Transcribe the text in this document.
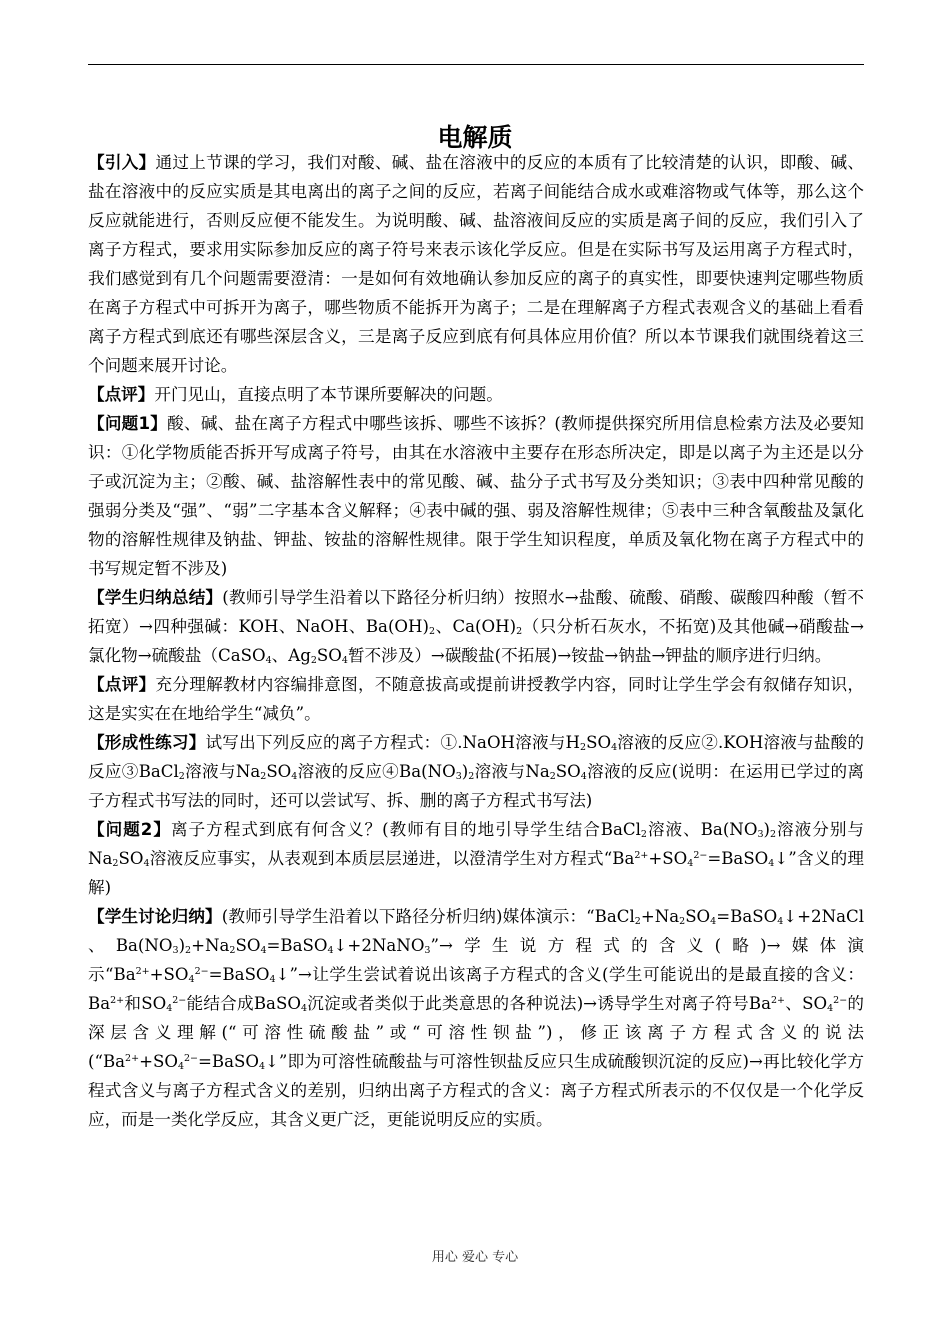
电解质

【引入】通过上节课的学习，我们对酸、碱、盐在溶液中的反应的本质有了比较清楚的认识，即酸、碱、盐在溶液中的反应实质是其电离出的离子之间的反应，若离子间能结合成水或难溶物或气体等，那么这个反应就能进行，否则反应便不能发生。为说明酸、碱、盐溶液间反应的实质是离子间的反应，我们引入了离子方程式，要求用实际参加反应的离子符号来表示该化学反应。但是在实际书写及运用离子方程式时，我们感觉到有几个问题需要澄清：一是如何有效地确认参加反应的离子的真实性，即要快速判定哪些物质在离子方程式中可拆开为离子，哪些物质不能拆开为离子；二是在理解离子方程式表观含义的基础上看看离子方程式到底还有哪些深层含义，三是离子反应到底有何具体应用价值？所以本节课我们就围绕着这三个问题来展开讨论。

【点评】开门见山，直接点明了本节课所要解决的问题。

【问题1】酸、碱、盐在离子方程式中哪些该拆、哪些不该拆？(教师提供探究所用信息检索方法及必要知识：①化学物质能否拆开写成离子符号，由其在水溶液中主要存在形态所决定，即是以离子为主还是以分子或沉淀为主；②酸、碱、盐溶解性表中的常见酸、碱、盐分子式书写及分类知识；③表中四种常见酸的强弱分类及“强”、“弱”二字基本含义解释；④表中碱的强、弱及溶解性规律；⑤表中三种含氧酸盐及氯化物的溶解性规律及钠盐、钾盐、铵盐的溶解性规律。限于学生知识程度，单质及氧化物在离子方程式中的书写规定暂不涉及)

【学生归纳总结】(教师引导学生沿着以下路径分析归纳）按照水→盐酸、硫酸、硝酸、碳酸四种酸（暂不拓宽）→四种强碱：KOH、NaOH、$Ba(OH)_2$、$Ca(OH)_2$（只分析石灰水，不拓宽)及其他碱→硝酸盐→氯化物→硫酸盐（CaSO$_4$、$Ag_2SO_4$暂不涉及）→碳酸盐(不拓展)→铵盐→钠盐→钾盐的顺序进行归纳。

【点评】充分理解教材内容编排意图，不随意拔高或提前讲授教学内容，同时让学生学会有叙储存知识，这是实实在在地给学生“减负”。

【形成性练习】试写出下列反应的离子方程式：①.NaOH溶液与$H_2SO_4$溶液的反应②.KOH溶液与盐酸的反应③BaCl$_2$溶液与$Na_2SO_4$溶液的反应$④Ba(NO_3)_2$溶液与$Na_2SO_4$溶液的反应(说明：在运用已学过的离子方程式书写法的同时，还可以尝试写、拆、删的离子方程式书写法)

【问题2】离子方程式到底有何含义？(教师有目的地引导学生结合BaCl$_2$溶液、$Ba(NO_3)_2$溶液分别与$Na_2SO_4$溶液反应事实，从表观到本质层层递进，以澄清学生对方程式“$Ba^{2+}+SO_4^{2-}=BaSO_4↓$”含义的理解)

【学生讨论归纳】(教师引导学生沿着以下路径分析归纳)媒体演示：“$BaCl_2+Na_2SO_4=BaSO_4↓+2NaCl$ 、$Ba(NO_3)_2+Na_2SO_4=BaSO_4↓+2NaNO_3”\to$学生说方程式的含义(略)→媒体演示“$Ba^{2+}+SO_4^{2-}=BaSO_4↓”\to$让学生尝试着说出该离子方程式的含义(学生可能说出的是最直接的含义：$Ba^{2+}$和$SO_4^{2-}$能结合成BaSO$_4$沉淀或者类似于此类意思的各种说法)→诱导学生对离子符号$Ba^{2+}$、$SO_4^{2-}$的深层含义理解(“可溶性硫酸盐”或“可溶性钡盐”)，修正该离子方程式含义的说法(“$Ba^{2+}+SO_4^{2-}=BaSO_4↓$”即为可溶性硫酸盐与可溶性钡盐反应只生成硫酸钡沉淀的反应)→再比较化学方程式含义与离子方程式含义的差别，归纳出离子方程式的含义：离子方程式所表示的不仅仅是一个化学反应，而是一类化学反应，其含义更广泛，更能说明反应的实质。

用心 爱心 专心
